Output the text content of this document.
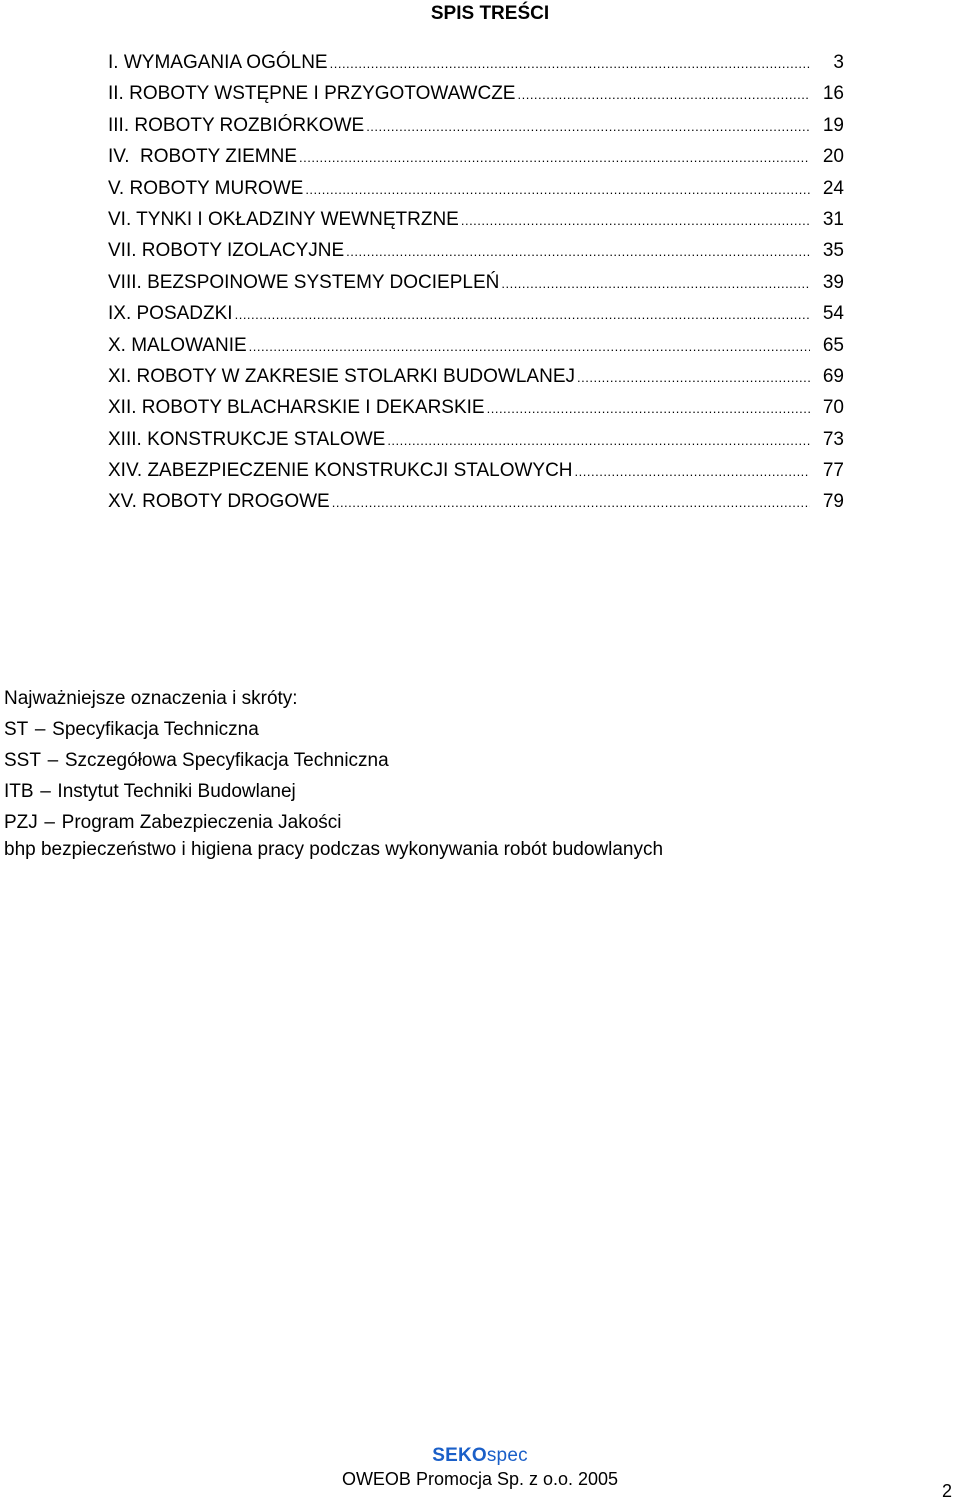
SPIS TREŚCI
I. WYMAGANIA OGÓLNE .....	3
II. ROBOTY WSTĘPNE I PRZYGOTOWAWCZE .....	16
III. ROBOTY ROZBIÓRKOWE .....	19
IV.  ROBOTY ZIEMNE .....	20
V. ROBOTY MUROWE .....	24
VI. TYNKI I OKŁADZINY WEWNĘTRZNE .....	31
VII. ROBOTY IZOLACYJNE .....	35
VIII. BEZSPOINOWE SYSTEMY DOCIEPLEŃ .....	39
IX. POSADZKI .....	54
X. MALOWANIE .....	65
XI. ROBOTY W ZAKRESIE STOLARKI BUDOWLANEJ .....	69
XII. ROBOTY BLACHARSKIE I DEKARSKIE .....	70
XIII. KONSTRUKCJE STALOWE .....	73
XIV. ZABEZPIECZENIE KONSTRUKCJI STALOWYCH .....	77
XV. ROBOTY DROGOWE .....	79
Najważniejsze oznaczenia i skróty:
ST – Specyfikacja Techniczna
SST – Szczegółowa Specyfikacja Techniczna
ITB – Instytut Techniki Budowlanej
PZJ – Program Zabezpieczenia Jakości
bhp bezpieczeństwo i higiena pracy podczas wykonywania robót budowlanych
SEKOspec
OWEOB Promocja Sp. z o.o. 2005
2
